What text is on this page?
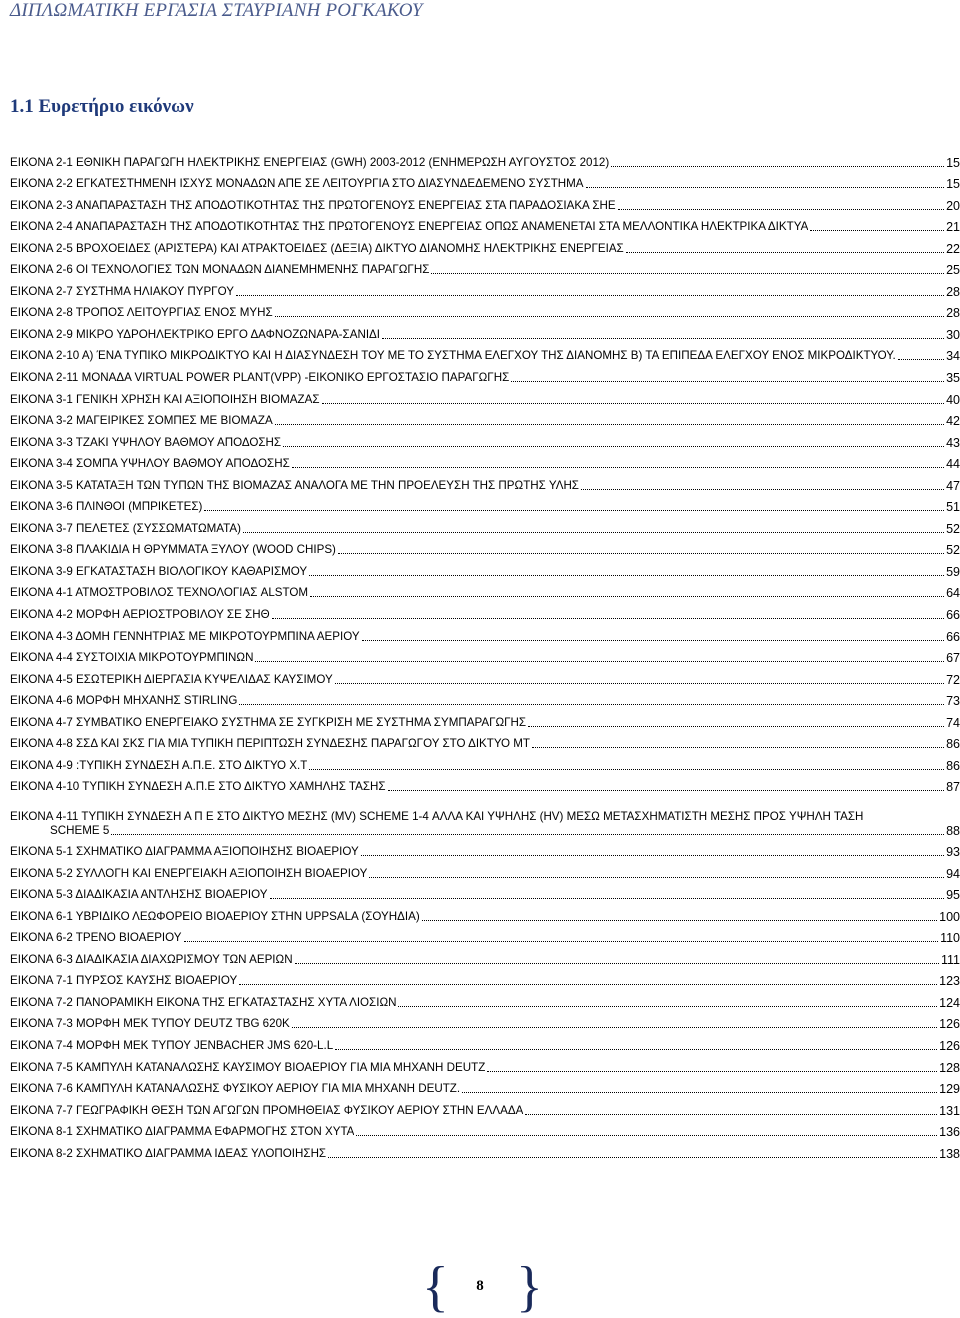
ΔΙΠΛΩΜΑΤΙΚΗ ΕΡΓΑΣΙΑ ΣΤΑΥΡΙΑΝΗ ΡΟΓΚΑΚΟΥ
1.1 Ευρετήριο εικόνων
ΕΙΚΟΝΑ 2-1 ΕΘΝΙΚΗ ΠΑΡΑΓΩΓΗ ΗΛΕΚΤΡΙΚΗΣ ΕΝΕΡΓΕΙΑΣ (GWH) 2003-2012 (ΕΝΗΜΕΡΩΣΗ ΑΥΓΟΥΣΤΟΣ 2012)	15
ΕΙΚΟΝΑ 2-2 ΕΓΚΑΤΕΣΤΗΜΕΝΗ ΙΣΧΥΣ ΜΟΝΑΔΩΝ ΑΠΕ ΣΕ ΛΕΙΤΟΥΡΓΙΑ ΣΤΟ ΔΙΑΣΥΝΔΕΔΕΜΕΝΟ ΣΥΣΤΗΜΑ	15
ΕΙΚΟΝΑ 2-3 ΑΝΑΠΑΡΑΣΤΑΣΗ ΤΗΣ ΑΠΟΔΟΤΙΚΟΤΗΤΑΣ ΤΗΣ ΠΡΩΤΟΓΕΝΟΥΣ ΕΝΕΡΓΕΙΑΣ ΣΤΑ ΠΑΡΑΔΟΣΙΑΚΑ ΣΗΕ	20
ΕΙΚΟΝΑ 2-4 ΑΝΑΠΑΡΑΣΤΑΣΗ ΤΗΣ ΑΠΟΔΟΤΙΚΟΤΗΤΑΣ ΤΗΣ ΠΡΩΤΟΓΕΝΟΥΣ ΕΝΕΡΓΕΙΑΣ ΟΠΩΣ ΑΝΑΜΕΝΕΤΑΙ ΣΤΑ ΜΕΛΛΟΝΤΙΚΑ ΗΛΕΚΤΡΙΚΑ ΔΙΚΤΥΑ	21
ΕΙΚΟΝΑ 2-5 ΒΡΟΧΟΕΙΔΕΣ (ΑΡΙΣΤΕΡΑ) ΚΑΙ ΑΤΡΑΚΤΟΕΙΔΕΣ (ΔΕΞΙΑ) ΔΙΚΤΥΟ ΔΙΑΝΟΜΗΣ ΗΛΕΚΤΡΙΚΗΣ ΕΝΕΡΓΕΙΑΣ	22
ΕΙΚΟΝΑ 2-6 ΟΙ ΤΕΧΝΟΛΟΓΙΕΣ ΤΩΝ ΜΟΝΑΔΩΝ ΔΙΑΝΕΜΗΜΕΝΗΣ ΠΑΡΑΓΩΓΗΣ	25
ΕΙΚΟΝΑ 2-7 ΣΥΣΤΗΜΑ ΗΛΙΑΚΟΥ ΠΥΡΓΟΥ	28
ΕΙΚΟΝΑ 2-8 ΤΡΟΠΟΣ ΛΕΙΤΟΥΡΓΙΑΣ ΕΝΟΣ ΜΥΗΣ	28
ΕΙΚΟΝΑ 2-9 ΜΙΚΡΟ ΥΔΡΟΗΛΕΚΤΡΙΚΟ ΕΡΓΟ ΔΑΦΝΟΖΩΝΑΡΑ-ΣΑΝΙΔΙ	30
ΕΙΚΟΝΑ 2-10 Α) ΈΝΑ ΤΥΠΙΚΟ ΜΙΚΡΟΔΙΚΤΥΟ ΚΑΙ Η ΔΙΑΣΥΝΔΕΣΗ ΤΟΥ ΜΕ ΤΟ ΣΥΣΤΗΜΑ ΕΛΕΓΧΟΥ ΤΗΣ ΔΙΑΝΟΜΗΣ Β) ΤΑ ΕΠΙΠΕΔΑ ΕΛΕΓΧΟΥ ΕΝΟΣ ΜΙΚΡΟΔΙΚΤΥΟΥ.	34
ΕΙΚΟΝΑ 2-11 ΜΟΝΑΔΑ VIRTUAL POWER PLANT(VPP) -ΕΙΚΟΝΙΚΟ ΕΡΓΟΣΤΑΣΙΟ ΠΑΡΑΓΩΓΗΣ	35
ΕΙΚΟΝΑ 3-1 ΓΕΝΙΚΗ ΧΡΗΣΗ ΚΑΙ ΑΞΙΟΠΟΙΗΣΗ ΒΙΟΜΑΖΑΣ	40
ΕΙΚΟΝΑ 3-2 ΜΑΓΕΙΡΙΚΕΣ ΣΟΜΠΕΣ ΜΕ ΒΙΟΜΑΖΑ	42
ΕΙΚΟΝΑ 3-3 ΤΖΑΚΙ ΥΨΗΛΟΥ ΒΑΘΜΟΥ ΑΠΟΔΟΣΗΣ	43
ΕΙΚΟΝΑ 3-4 ΣΟΜΠΑ ΥΨΗΛΟΥ ΒΑΘΜΟΥ ΑΠΟΔΟΣΗΣ	44
ΕΙΚΟΝΑ 3-5 ΚΑΤΑΤΑΞΗ ΤΩΝ ΤΥΠΩΝ ΤΗΣ ΒΙΟΜΑΖΑΣ ΑΝΑΛΟΓΑ ΜΕ ΤΗΝ ΠΡΟΕΛΕΥΣΗ ΤΗΣ ΠΡΩΤΗΣ ΥΛΗΣ	47
ΕΙΚΟΝΑ 3-6 ΠΛΙΝΘΟΙ (ΜΠΡΙΚΕΤΕΣ)	51
ΕΙΚΟΝΑ 3-7 ΠΕΛΕΤΕΣ (ΣΥΣΣΩΜΑΤΩΜΑΤΑ)	52
ΕΙΚΟΝΑ 3-8 ΠΛΑΚΙΔΙΑ Η ΘΡΥΜΜΑΤΑ ΞΥΛΟΥ (WOOD CHIPS)	52
ΕΙΚΟΝΑ 3-9 ΕΓΚΑΤΑΣΤΑΣΗ ΒΙΟΛΟΓΙΚΟΥ ΚΑΘΑΡΙΣΜΟΥ	59
ΕΙΚΟΝΑ 4-1 ΑΤΜΟΣΤΡΟΒΙΛΟΣ ΤΕΧΝΟΛΟΓΙΑΣ ALSTOM	64
ΕΙΚΟΝΑ 4-2 ΜΟΡΦΗ ΑΕΡΙΟΣΤΡΟΒΙΛΟΥ ΣΕ ΣΗΘ	66
ΕΙΚΟΝΑ 4-3 ΔΟΜΗ ΓΕΝΝΗΤΡΙΑΣ ΜΕ ΜΙΚΡΟΤΟΥΡΜΠΙΝΑ ΑΕΡΙΟΥ	66
ΕΙΚΟΝΑ 4-4 ΣΥΣΤΟΙΧΙΑ ΜΙΚΡΟΤΟΥΡΜΠΙΝΩΝ	67
ΕΙΚΟΝΑ 4-5 ΕΣΩΤΕΡΙΚΗ ΔΙΕΡΓΑΣΙΑ ΚΥΨΕΛΙΔΑΣ ΚΑΥΣΙΜΟΥ	72
ΕΙΚΟΝΑ 4-6 ΜΟΡΦΗ ΜΗΧΑΝΗΣ STIRLING	73
ΕΙΚΟΝΑ 4-7 ΣΥΜΒΑΤΙΚΟ ΕΝΕΡΓΕΙΑΚΟ ΣΥΣΤΗΜΑ ΣΕ ΣΥΓΚΡΙΣΗ ΜΕ ΣΥΣΤΗΜΑ ΣΥΜΠΑΡΑΓΩΓΗΣ	74
ΕΙΚΟΝΑ 4-8 ΣΣΔ ΚΑΙ ΣΚΣ ΓΙΑ ΜΙΑ ΤΥΠΙΚΗ ΠΕΡΙΠΤΩΣΗ ΣΥΝΔΕΣΗΣ ΠΑΡΑΓΩΓΟΥ ΣΤΟ ΔΙΚΤΥΟ ΜΤ	86
ΕΙΚΟΝΑ 4-9 :ΤΥΠΙΚΗ ΣΥΝΔΕΣΗ Α.Π.Ε. ΣΤΟ ΔΙΚΤΥΟ Χ.Τ	86
ΕΙΚΟΝΑ 4-10 ΤΥΠΙΚΗ ΣΥΝΔΕΣΗ Α.Π.Ε ΣΤΟ ΔΙΚΤΥΟ ΧΑΜΗΛΗΣ ΤΑΣΗΣ	87
ΕΙΚΟΝΑ 4-11 ΤΥΠΙΚΗ ΣΥΝΔΕΣΗ Α Π Ε ΣΤΟ ΔΙΚΤΥΟ ΜΕΣΗΣ (MV) SCHEME 1-4 ΑΛΛΑ ΚΑΙ ΥΨΗΛΗΣ (HV) ΜΕΣΩ ΜΕΤΑΣΧΗΜΑΤΙΣΤΗ ΜΕΣΗΣ ΠΡΟΣ ΥΨΗΛΗ ΤΑΣΗ
SCHEME 5	88
ΕΙΚΟΝΑ 5-1 ΣΧΗΜΑΤΙΚΟ ΔΙΑΓΡΑΜΜΑ ΑΞΙΟΠΟΙΗΣΗΣ ΒΙΟΑΕΡΙΟΥ	93
ΕΙΚΟΝΑ 5-2 ΣΥΛΛΟΓΗ ΚΑΙ ΕΝΕΡΓΕΙΑΚΗ ΑΞΙΟΠΟΙΗΣΗ ΒΙΟΑΕΡΙΟΥ	94
ΕΙΚΟΝΑ 5-3 ΔΙΑΔΙΚΑΣΙΑ ΑΝΤΛΗΣΗΣ ΒΙΟΑΕΡΙΟΥ	95
ΕΙΚΟΝΑ 6-1 ΥΒΡΙΔΙΚΟ ΛΕΩΦΟΡΕΙΟ ΒΙΟΑΕΡΙΟΥ ΣΤΗΝ UPPSALA (ΣΟΥΗΔΙΑ)	100
ΕΙΚΟΝΑ 6-2 ΤΡΕΝΟ ΒΙΟΑΕΡΙΟΥ	110
ΕΙΚΟΝΑ 6-3 ΔΙΑΔΙΚΑΣΙΑ ΔΙΑΧΩΡΙΣΜΟΥ ΤΩΝ ΑΕΡΙΩΝ	111
ΕΙΚΟΝΑ 7-1 ΠΥΡΣΟΣ ΚΑΥΣΗΣ ΒΙΟΑΕΡΙΟΥ	123
ΕΙΚΟΝΑ 7-2 ΠΑΝΟΡΑΜΙΚΗ ΕΙΚΟΝΑ ΤΗΣ ΕΓΚΑΤΑΣΤΑΣΗΣ ΧΥΤΑ ΛΙΟΣΙΩΝ	124
ΕΙΚΟΝΑ 7-3 ΜΟΡΦΗ ΜΕΚ ΤΥΠΟΥ DEUTZ TBG 620K	126
ΕΙΚΟΝΑ 7-4 ΜΟΡΦΗ ΜΕΚ ΤΥΠΟΥ JENBACHER JMS 620-L.L	126
ΕΙΚΟΝΑ 7-5 ΚΑΜΠΥΛΗ ΚΑΤΑΝΑΛΩΣΗΣ ΚΑΥΣΙΜΟΥ ΒΙΟΑΕΡΙΟΥ ΓΙΑ ΜΙΑ ΜΗΧΑΝΗ DEUTZ	128
ΕΙΚΟΝΑ 7-6 ΚΑΜΠΥΛΗ ΚΑΤΑΝΑΛΩΣΗΣ ΦΥΣΙΚΟΥ ΑΕΡΙΟΥ ΓΙΑ ΜΙΑ ΜΗΧΑΝΗ DEUTZ.	129
ΕΙΚΟΝΑ 7-7 ΓΕΩΓΡΑΦΙΚΗ ΘΕΣΗ ΤΩΝ ΑΓΩΓΩΝ ΠΡΟΜΗΘΕΙΑΣ ΦΥΣΙΚΟΥ ΑΕΡΙΟΥ ΣΤΗΝ ΕΛΛΑΔΑ	131
ΕΙΚΟΝΑ 8-1 ΣΧΗΜΑΤΙΚΟ ΔΙΑΓΡΑΜΜΑ ΕΦΑΡΜΟΓΗΣ ΣΤΟΝ ΧΥΤΑ	136
ΕΙΚΟΝΑ 8-2 ΣΧΗΜΑΤΙΚΟ ΔΙΑΓΡΑΜΜΑ ΙΔΕΑΣ ΥΛΟΠΟΙΗΣΗΣ	138
{	8 }
